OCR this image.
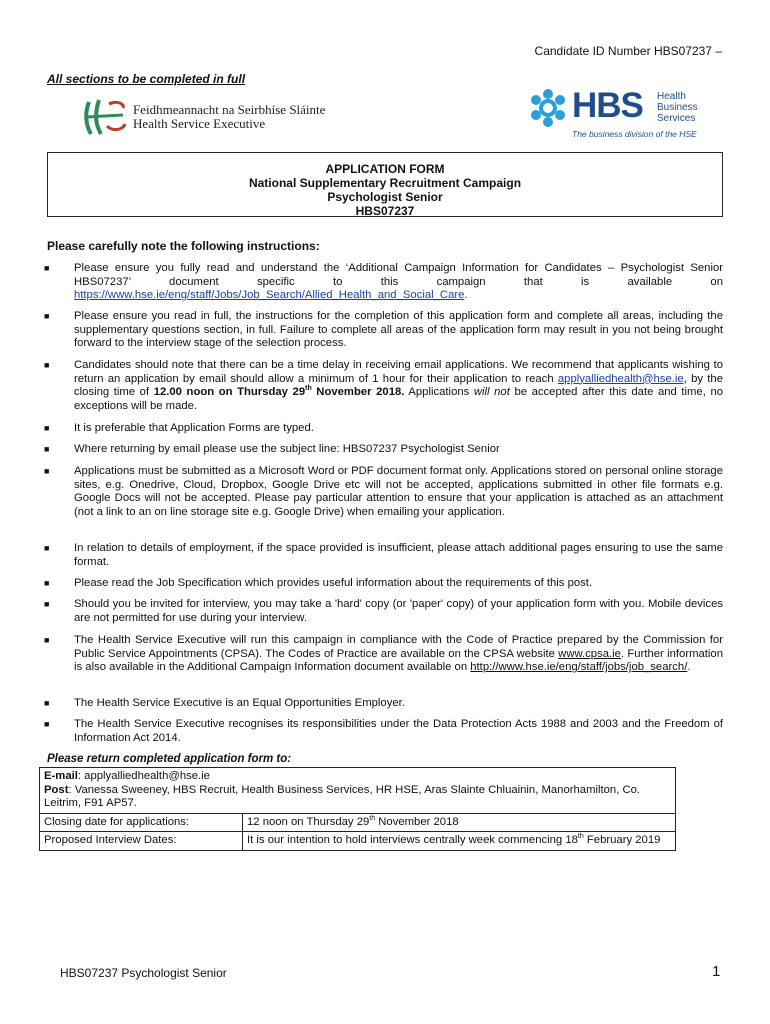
Candidate ID Number HBS07237 –
All sections to be completed in full
Feidhmeannacht na Seirbhíse Sláinte
Health Service Executive	HBS Health
Business
Services
The business division of the HSE
APPLICATION FORM
National Supplementary Recruitment Campaign
Psychologist Senior
HBS07237
Please carefully note the following instructions:
■	Please ensure you fully read and understand the ‘Additional Campaign Information for Candidates – Psychologist Senior HBS07237’ document specific to this campaign that is available on https://www.hse.ie/eng/staff/Jobs/Job_Search/Allied_Health_and_Social_Care.
■	Please ensure you read in full, the instructions for the completion of this application form and complete all areas, including the supplementary questions section, in full. Failure to complete all areas of the application form may result in you not being brought forward to the interview stage of the selection process.
■	Candidates should note that there can be a time delay in receiving email applications. We recommend that applicants wishing to return an application by email should allow a minimum of 1 hour for their application to reach applyalliedhealth@hse.ie, by the closing time of 12.00 noon on Thursday 29th November 2018. Applications will not be accepted after this date and time, no exceptions will be made.
■	It is preferable that Application Forms are typed.
■	Where returning by email please use the subject line: HBS07237 Psychologist Senior
■	Applications must be submitted as a Microsoft Word or PDF document format only. Applications stored on personal online storage sites, e.g. Onedrive, Cloud, Dropbox, Google Drive etc will not be accepted, applications submitted in other file formats e.g. Google Docs will not be accepted. Please pay particular attention to ensure that your application is attached as an attachment (not a link to an on line storage site e.g. Google Drive) when emailing your application.
■	In relation to details of employment, if the space provided is insufficient, please attach additional pages ensuring to use the same format.
■	Please read the Job Specification which provides useful information about the requirements of this post.
■	Should you be invited for interview, you may take a 'hard' copy (or 'paper' copy) of your application form with you. Mobile devices are not permitted for use during your interview.
■	The Health Service Executive will run this campaign in compliance with the Code of Practice prepared by the Commission for Public Service Appointments (CPSA). The Codes of Practice are available on the CPSA website www.cpsa.ie. Further information is also available in the Additional Campaign Information document available on http://www.hse.ie/eng/staff/jobs/job_search/.
■	The Health Service Executive is an Equal Opportunities Employer.
■	The Health Service Executive recognises its responsibilities under the Data Protection Acts 1988 and 2003 and the Freedom of Information Act 2014.
Please return completed application form to:
E-mail: applyalliedhealth@hse.ie
Post: Vanessa Sweeney, HBS Recruit, Health Business Services, HR HSE, Aras Slainte Chluainin, Manorhamilton, Co. Leitrim, F91 AP57.	

Closing date for applications:	12 noon on Thursday 29th November 2018
Proposed Interview Dates:	It is our intention to hold interviews centrally week commencing 18th February 2019
HBS07237 Psychologist Senior	1
